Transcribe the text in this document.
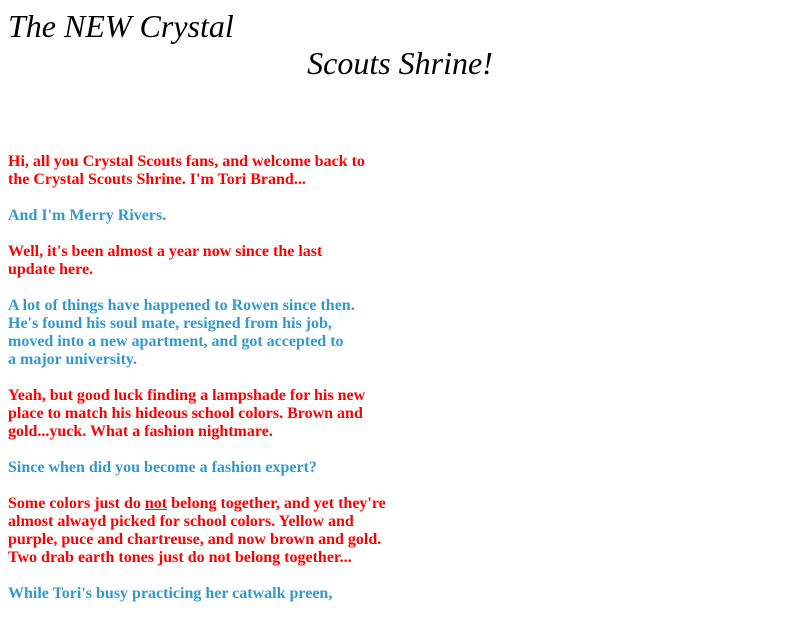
The NEW Crystal
Scouts Shrine!

Hi, all you Crystal Scouts fans, and welcome back to
the Crystal Scouts Shrine. I'm Tori Brand...

And I'm Merry Rivers.

Well, it's been almost a year now since the last
update here.

A lot of things have happened to Rowen since then.
He's found his soul mate, resigned from his job,
moved into a new apartment, and got accepted to
a major university.

Yeah, but good luck finding a lampshade for his new
place to match his hideous school colors. Brown and
gold...yuck. What a fashion nightmare.

Since when did you become a fashion expert?

Some colors just do not belong together, and yet they're
almost alwayd picked for school colors. Yellow and
purple, puce and chartreuse, and now brown and gold.
Two drab earth tones just do not belong together...

While Tori's busy practicing her catwalk preen,
